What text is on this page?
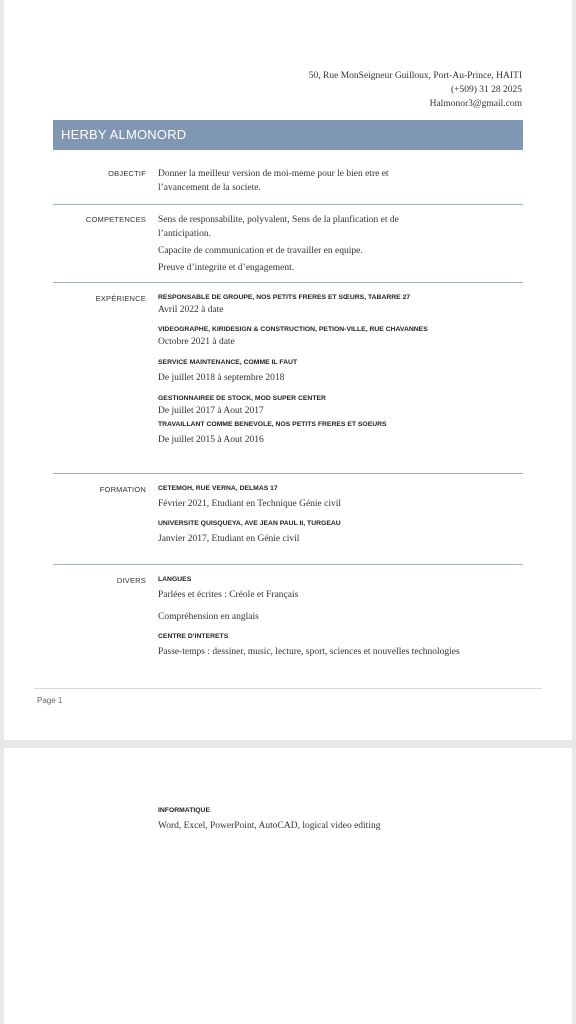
50, Rue MonSeigneur Guilloux, Port-Au-Prince, HAITI
(+509) 31 28 2025
Halmonor3@gmail.com
HERBY ALMONORD
OBJECTIF Donner la meilleur version de moi-meme pour le bien etre et
l’avancement de la societe.
COMPETENCES Sens de responsabilite, polyvalent, Sens de la planfication et de
l’anticipation.
Capacite de communication et de travailler en equipe.
Preuve d’integrite et d’engagement.
EXPÉRIENCE RESPONSABLE DE GROUPE, NOS PETITS FRERES ET SŒURS, TABARRE 27
Avril 2022 à date
VIDEOGRAPHE, KIRIDESIGN & CONSTRUCTION, PETION-VILLE, RUE CHAVANNES
Octobre 2021 à date
SERVICE MAINTENANCE, COMME IL FAUT
De juillet 2018 à septembre 2018
GESTIONNAIREE DE STOCK, MOD SUPER CENTER
De juillet 2017 à Aout 2017
TRAVAILLANT COMME BENEVOLE, NOS PETITS FRERES ET SOEURS
De juillet 2015 à Aout 2016
FORMATION CETEMOH, RUE VERNA, DELMAS 17
Février 2021, Etudiant en Technique Génie civil
UNIVERSITE QUISQUEYA, AVE JEAN PAUL II, TURGEAU
Janvier 2017, Etudiant en Génie civil
DIVERS LANGUES
Parlées et écrites : Créole et Français
Compréhension en anglais
CENTRE D’INTERETS
Passe-temps : dessiner, music, lecture, sport, sciences et nouvelles technologies
Page 1
INFORMATIQUE
Word, Excel, PowerPoint, AutoCAD, logical video editing
